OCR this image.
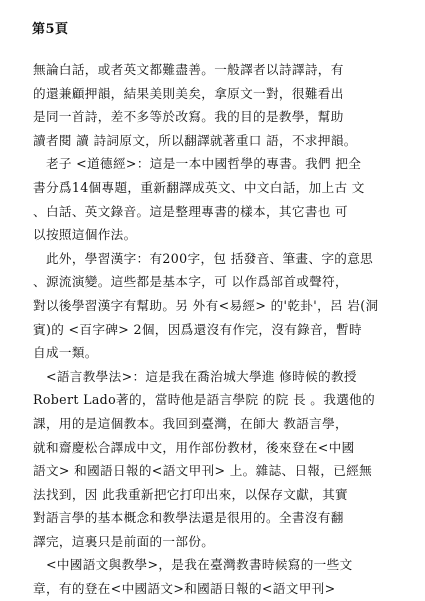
第5頁
無論白話，或者英文都難盡善。一般譯者以詩譯詩，有
的還兼顧押韻，結果美則美矣，拿原文一對，很難看出
是同一首詩，差不多等於改寫。我的目的是教學，幫助
讀者閱 讀 詩詞原文，所以翻譯就著重口 語，不求押韻。
　老子 <道德經>：這是一本中國哲學的專書。我們 把全
書分爲14個專題，重新翻譯成英文、中文白話，加上古 文
、白話、英文錄音。這是整理專書的樣本，其它書也 可
以按照這個作法。
　此外，學習漢字：有200字，包 括發音、筆畫、字的意思
、源流演變。這些都是基本字，可 以作爲部首或聲符，
對以後學習漢字有幫助。另 外有<易經> 的'乾卦'，呂 岩(洞
賓)的 <百字碑> 2個，因爲還沒有作完，沒有錄音，暫時
自成一類。
　<語言教學法>：這是我在喬治城大學進 修時候的教授
Robert Lado著的，當時他是語言學院 的院 長 。我選他的
課，用的是這個教本。我回到臺灣，在師大 教語言學，
就和齋慶松合譯成中文，用作部份教材，後來登在<中國
語文> 和國語日報的<語文甲刊> 上。雜誌、日報，已經無
法找到，因 此我重新把它打印出來，以保存文獻，其實
對語言學的基本概念和教學法還是很用的。全書沒有翻
譯完，這裏只是前面的一部份。
　<中國語文與教學>，是我在臺灣教書時候寫的一些文
章，有的登在<中國語文>和國語日報的<語文甲刊>
